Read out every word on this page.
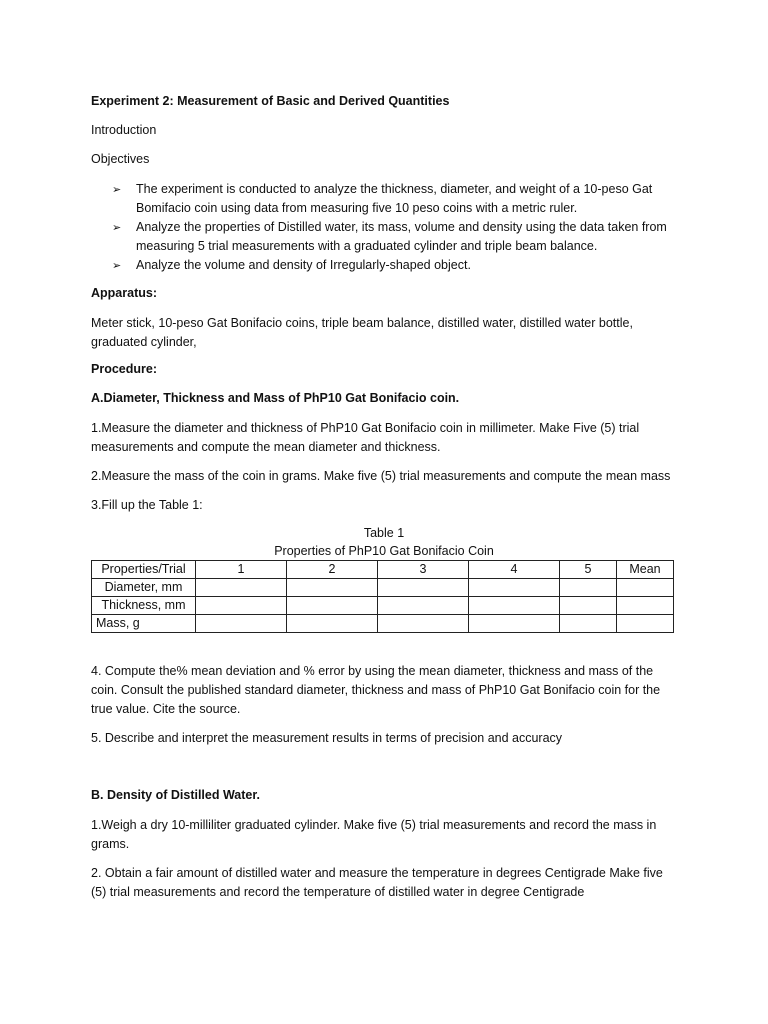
Experiment 2: Measurement of Basic and Derived Quantities
Introduction
Objectives
➢ The experiment is conducted to analyze the thickness, diameter, and weight of a 10-peso Gat
Bomifacio coin using data from measuring five 10 peso coins with a metric ruler.
➢ Analyze the properties of Distilled water, its mass, volume and density using the data taken from
measuring 5 trial measurements with a graduated cylinder and triple beam balance.
➢ Analyze the volume and density of Irregularly-shaped object.
Apparatus:
Meter stick, 10-peso Gat Bonifacio coins, triple beam balance, distilled water, distilled water bottle,
graduated cylinder,
Procedure:
A.Diameter, Thickness and Mass of PhP10 Gat Bonifacio coin.
1.Measure the diameter and thickness of PhP10 Gat Bonifacio coin in millimeter. Make Five (5) trial
measurements and compute the mean diameter and thickness.
2.Measure the mass of the coin in grams. Make five (5) trial measurements and compute the mean mass
3.Fill up the Table 1:
Table 1
Properties of PhP10 Gat Bonifacio Coin
Properties/Trial	1	2	3	4	5	Mean
Diameter, mm						
Thickness, mm						
Mass, g						
4. Compute the% mean deviation and % error by using the mean diameter, thickness and mass of the
coin. Consult the published standard diameter, thickness and mass of PhP10 Gat Bonifacio coin for the
true value. Cite the source.
5. Describe and interpret the measurement results in terms of precision and accuracy
B. Density of Distilled Water.
1.Weigh a dry 10-milliliter graduated cylinder. Make five (5) trial measurements and record the mass in
grams.
2. Obtain a fair amount of distilled water and measure the temperature in degrees Centigrade Make five
(5) trial measurements and record the temperature of distilled water in degree Centigrade
